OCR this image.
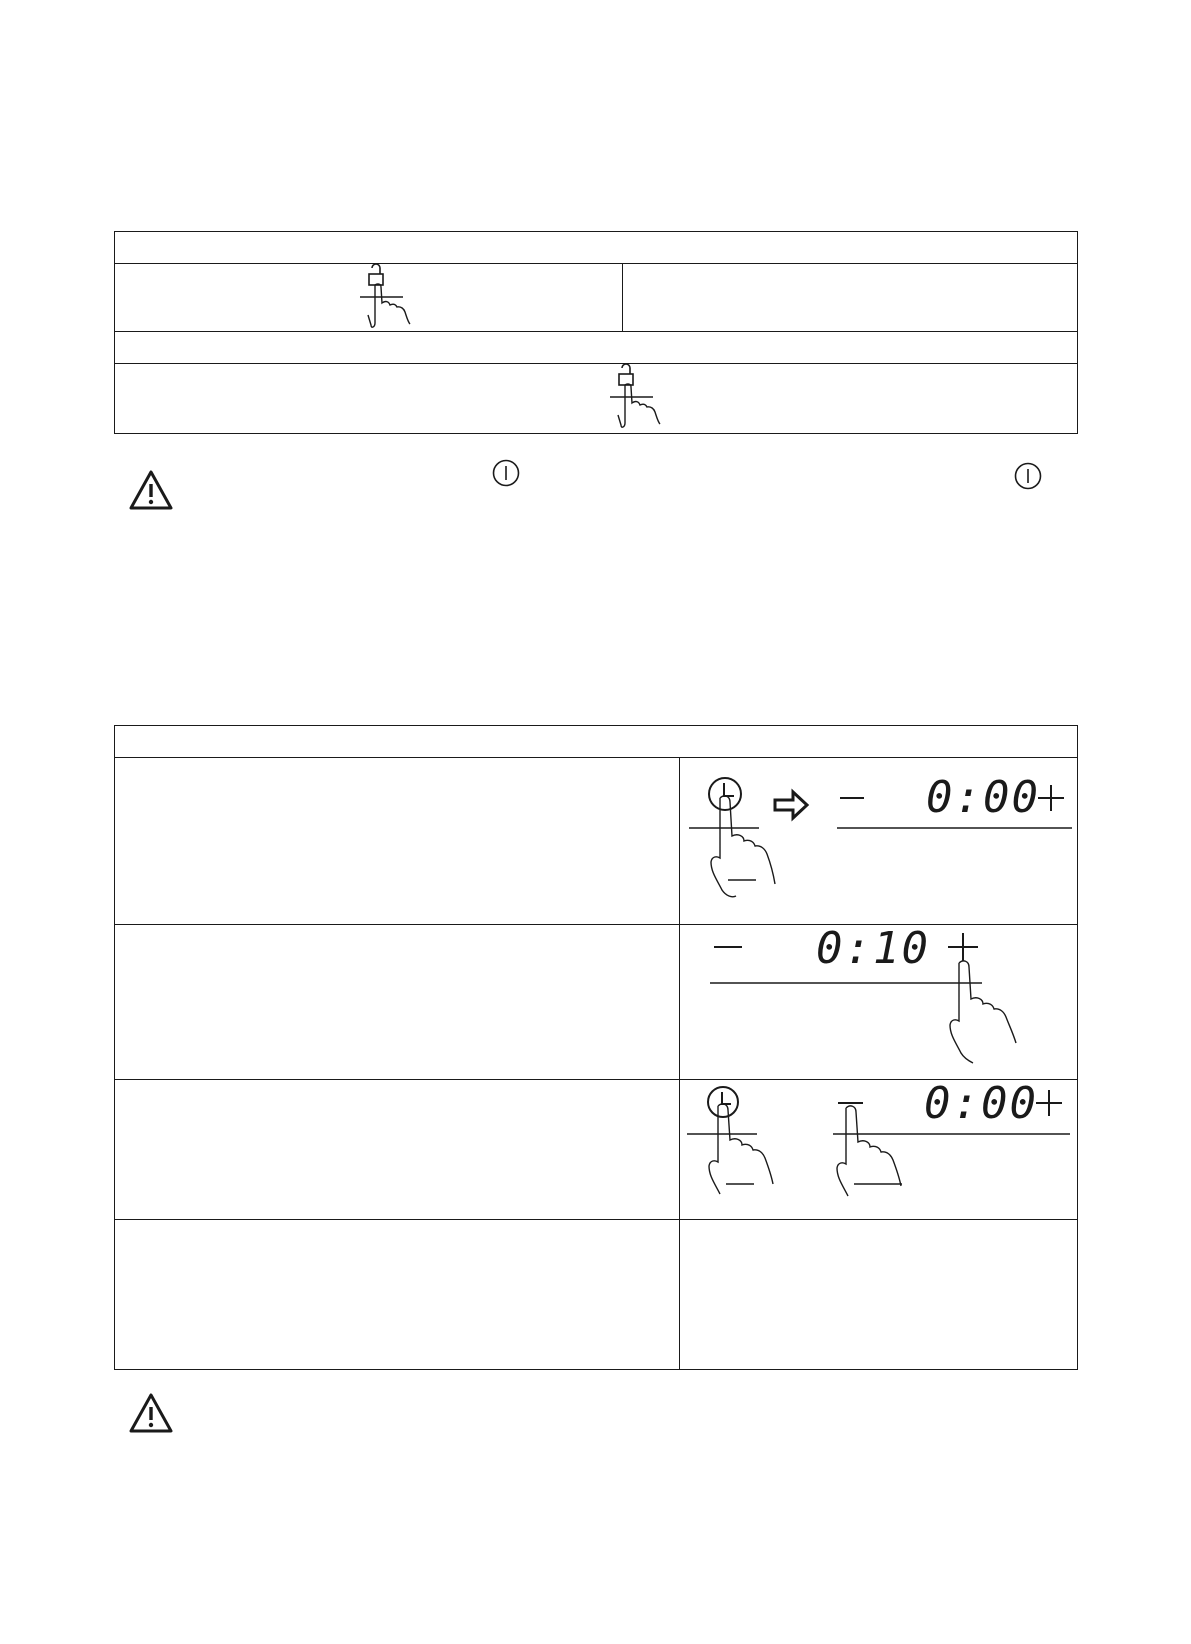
0:00
0:10
0:00
